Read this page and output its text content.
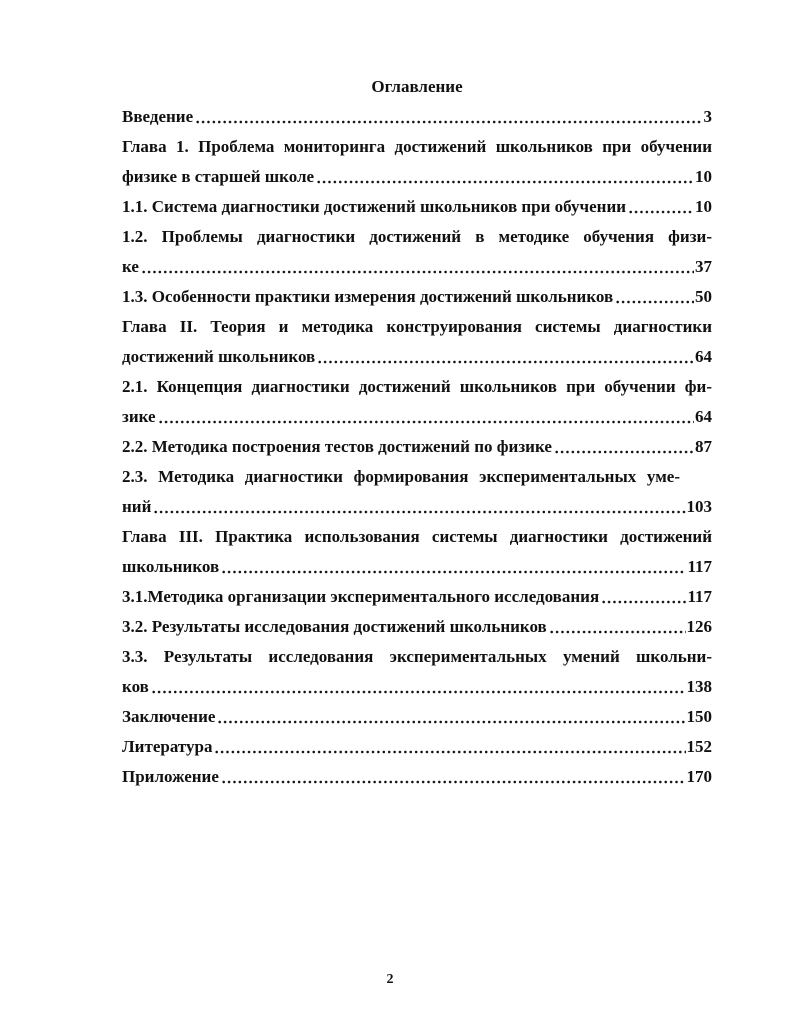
Оглавление
Введение	3
Глава 1. Проблема мониторинга достижений школьников при обучении
физике в старшей школе	10
1.1. Система диагностики достижений школьников при обучении	10
1.2. Проблемы диагностики достижений в методике обучения физи-
ке	37
1.3. Особенности практики измерения достижений школьников	50
Глава II. Теория и методика конструирования системы диагностики
достижений школьников	64
2.1. Концепция диагностики достижений школьников при обучении фи-
зике	64
2.2. Методика построения тестов достижений по физике	87
2.3. Методика диагностики формирования экспериментальных уме-
ний	103
Глава III. Практика использования системы диагностики достижений
школьников	117
3.1.Методика организации экспериментального исследования	117
3.2. Результаты исследования достижений школьников	126
3.3. Результаты исследования экспериментальных умений школьни-
ков	138
Заключение	150
Литература	152
Приложение	170
2
